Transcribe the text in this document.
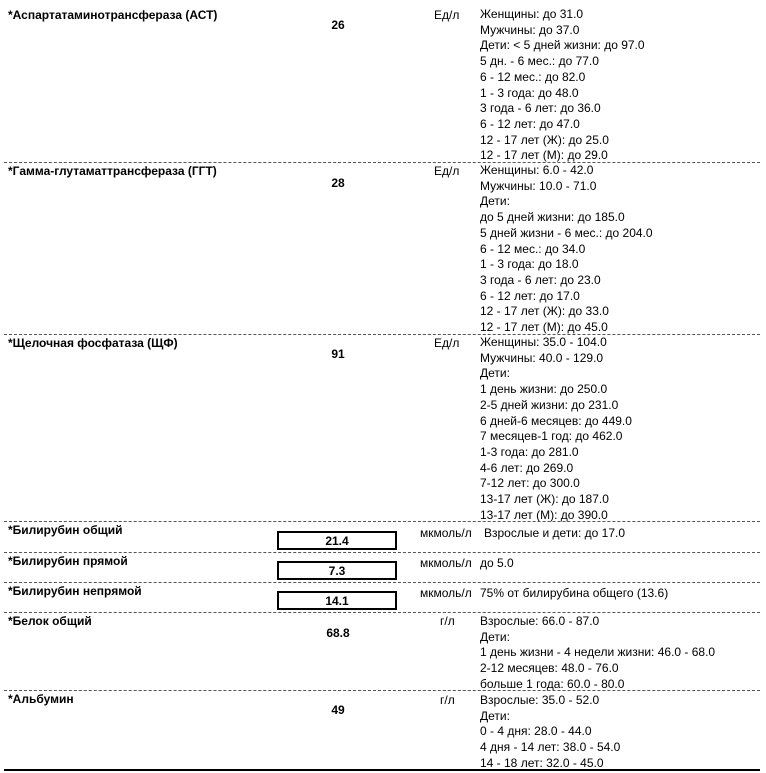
*Аспартатаминотрансфераза (АСТ)
26
Ед/л Женщины: до 31.0
Мужчины: до 37.0
Дети: < 5 дней жизни: до 97.0
5 дн. - 6 мес.: до 77.0
6 - 12 мес.: до 82.0
1 - 3 года: до 48.0
3 года - 6 лет: до 36.0
6 - 12 лет: до 47.0
12 - 17 лет (Ж): до 25.0
12 - 17 лет (М): до 29.0
*Гамма-глутаматтрансфераза (ГГТ)
28
Ед/л Женщины: 6.0 - 42.0
Мужчины: 10.0 - 71.0
Дети:
до 5 дней жизни: до 185.0
5 дней жизни - 6 мес.: до 204.0
6 - 12 мес.: до 34.0
1 - 3 года: до 18.0
3 года - 6 лет: до 23.0
6 - 12 лет: до 17.0
12 - 17 лет (Ж): до 33.0
12 - 17 лет (М): до 45.0
*Щелочная фосфатаза (ЩФ)
91
Ед/л Женщины: 35.0 - 104.0
Мужчины: 40.0 - 129.0
Дети:
1 день жизни: до 250.0
2-5 дней жизни: до 231.0
6 дней-6 месяцев: до 449.0
7 месяцев-1 год: до 462.0
1-3 года: до 281.0
4-6 лет: до 269.0
7-12 лет: до 300.0
13-17 лет (Ж): до 187.0
13-17 лет (М): до 390.0
*Билирубин общий
21.4
мкмоль/л Взрослые и дети: до 17.0
*Билирубин прямой
7.3
мкмоль/л до 5.0
*Билирубин непрямой
14.1
мкмоль/л 75% от билирубина общего (13.6)
*Белок общий
68.8
г/л Взрослые: 66.0 - 87.0
Дети:
1 день жизни - 4 недели жизни: 46.0 - 68.0
2-12 месяцев: 48.0 - 76.0
больше 1 года: 60.0 - 80.0
*Альбумин
49
г/л Взрослые: 35.0 - 52.0
Дети:
0 - 4 дня: 28.0 - 44.0
4 дня - 14 лет: 38.0 - 54.0
14 - 18 лет: 32.0 - 45.0
